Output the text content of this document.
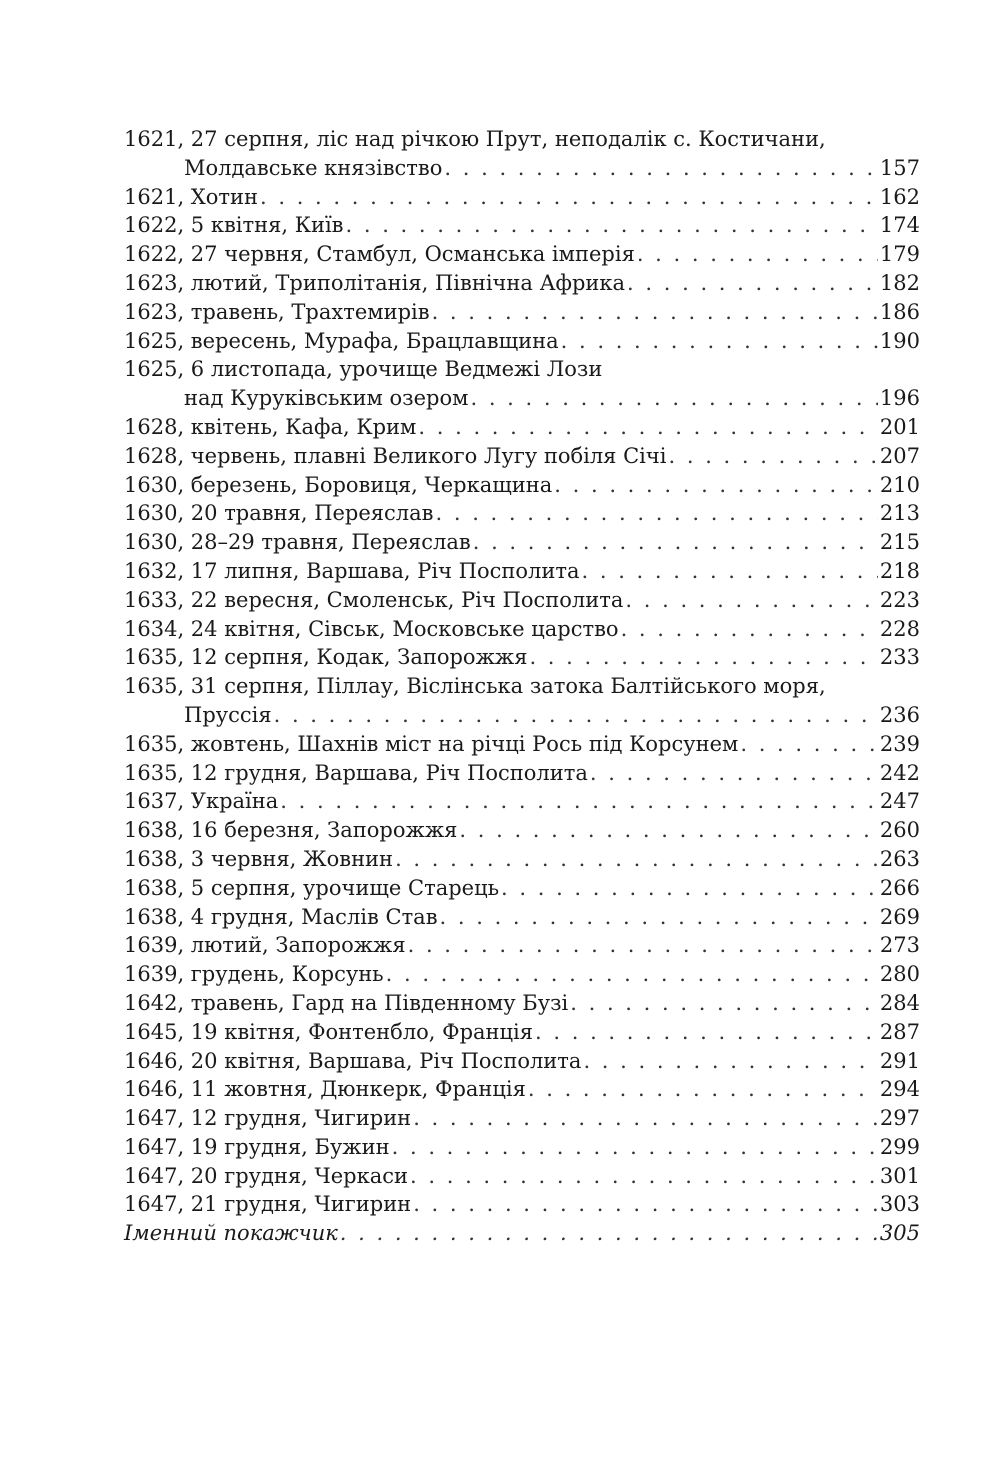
1621, 27 серпня, ліс над річкою Прут, неподалік с. Костичани,
Молдавське князівство . . .	157
1621, Хотин . . .	162
1622, 5 квітня, Київ . . .	174
1622, 27 червня, Стамбул, Османська імперія . . .	179
1623, лютий, Триполітанія, Північна Африка . . .	182
1623, травень, Трахтемирів . . .	186
1625, вересень, Мурафа, Брацлавщина . . .	190
1625, 6 листопада, урочище Ведмежі Лози
над Куруківським озером . . .	196
1628, квітень, Кафа, Крим . . .	201
1628, червень, плавні Великого Лугу побіля Січі . . .	207
1630, березень, Боровиця, Черкащина . . .	210
1630, 20 травня, Переяслав . . .	213
1630, 28–29 травня, Переяслав . . .	215
1632, 17 липня, Варшава, Річ Посполита . . .	218
1633, 22 вересня, Смоленськ, Річ Посполита . . .	223
1634, 24 квітня, Сівськ, Московське царство . . .	228
1635, 12 серпня, Кодак, Запорожжя . . .	233
1635, 31 серпня, Піллау, Віслінська затока Балтійського моря,
Пруссія . . .	236
1635, жовтень, Шахнів міст на річці Рось під Корсунем . . .	239
1635, 12 грудня, Варшава, Річ Посполита . . .	242
1637, Україна . . .	247
1638, 16 березня, Запорожжя . . .	260
1638, 3 червня, Жовнин . . .	263
1638, 5 серпня, урочище Старець . . .	266
1638, 4 грудня, Маслів Став . . .	269
1639, лютий, Запорожжя . . .	273
1639, грудень, Корсунь . . .	280
1642, травень, Гард на Південному Бузі . . .	284
1645, 19 квітня, Фонтенбло, Франція . . .	287
1646, 20 квітня, Варшава, Річ Посполита . . .	291
1646, 11 жовтня, Дюнкерк, Франція . . .	294
1647, 12 грудня, Чигирин . . .	297
1647, 19 грудня, Бужин . . .	299
1647, 20 грудня, Черкаси . . .	301
1647, 21 грудня, Чигирин . . .	303
Іменний покажчик . . .	305
